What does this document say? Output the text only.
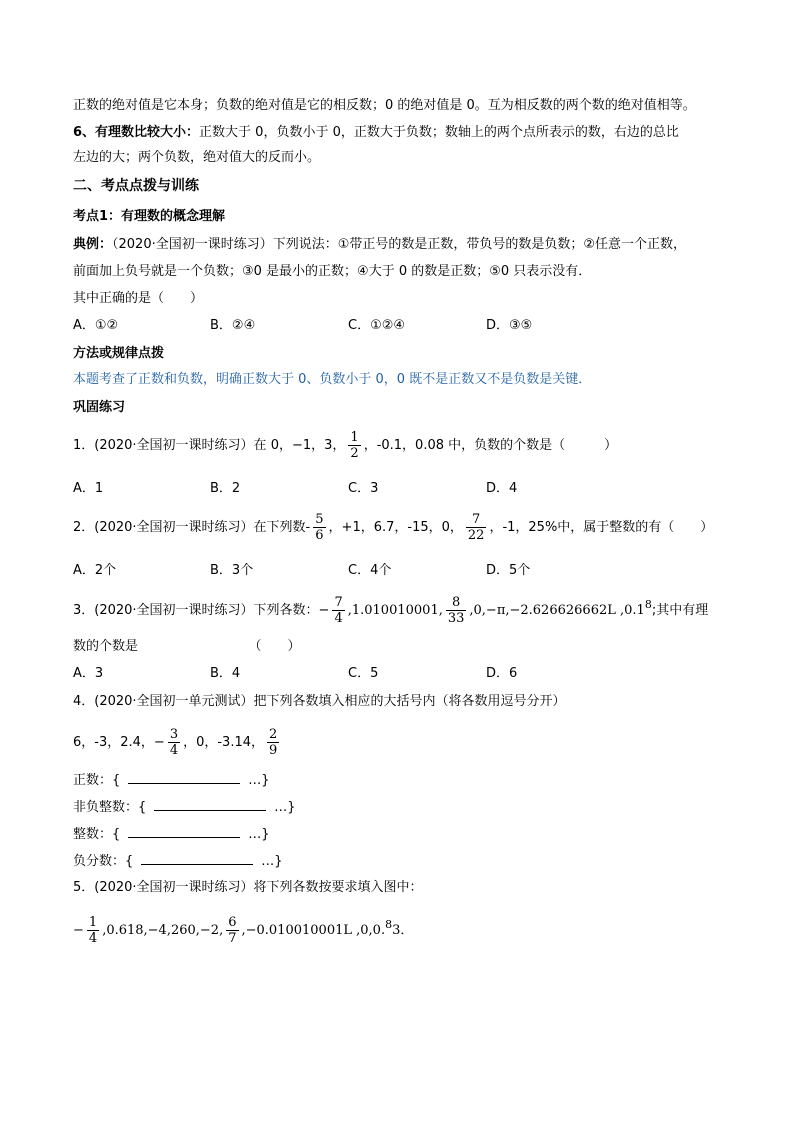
正数的绝对值是它本身；负数的绝对值是它的相反数；0 的绝对值是 0。互为相反数的两个数的绝对值相等。
6、有理数比较大小：正数大于 0，负数小于 0，正数大于负数；数轴上的两个点所表示的数，右边的总比
左边的大；两个负数，绝对值大的反而小。
二、考点点拨与训练
考点1：有理数的概念理解
典例：（2020·全国初一课时练习）下列说法：①带正号的数是正数，带负号的数是负数；②任意一个正数，
前面加上负号就是一个负数；③0 是最小的正数；④大于 0 的数是正数；⑤0 只表示没有．
其中正确的是（　　）
A．①②	B．②④	C．①②④	D．③⑤
方法或规律点拨
本题考查了正数和负数，明确正数大于 0、负数小于 0，0 既不是正数又不是负数是关键．
巩固练习
1．(2020·全国初一课时练习）在 0，−1，3， $\frac{1}{2}$ ，-0.1，0.08 中，负数的个数是（　　　）
A．1	B．2	C．3	D．4
2．(2020·全国初一课时练习）在下列数- $\frac{5}{6}$ ，+1，6.7，-15，0， $\frac{7}{22}$ ，-1，25%中，属于整数的有（　　）
A．2个	B．3个	C．4个	D．5个
3．(2020·全国初一课时练习）下列各数：− $\frac{7}{4} ,1.010010001$, $\frac{8}{33} ,0,-\pi,-2.626626662L$ ,0.1$^8$;其中有理
数的个数是　　　　　　　　　（　　）
A．3	B．4	C．5	D．6
4．(2020·全国初一单元测试）把下列各数填入相应的大括号内（将各数用逗号分开）
6，-3，2.4，− $\frac{3}{4}$ ，0，-3.14， $\frac{2}{9}$
正数：{	…}
非负整数：{	…}
整数：{	…}
负分数：{	…}
5．(2020·全国初一课时练习）将下列各数按要求填入图中：
− $\frac{1}{4} ,0.618,-4,260,-2$, $\frac{6}{7} ,-0.010010001L$ ,0,0.$^8$3．
